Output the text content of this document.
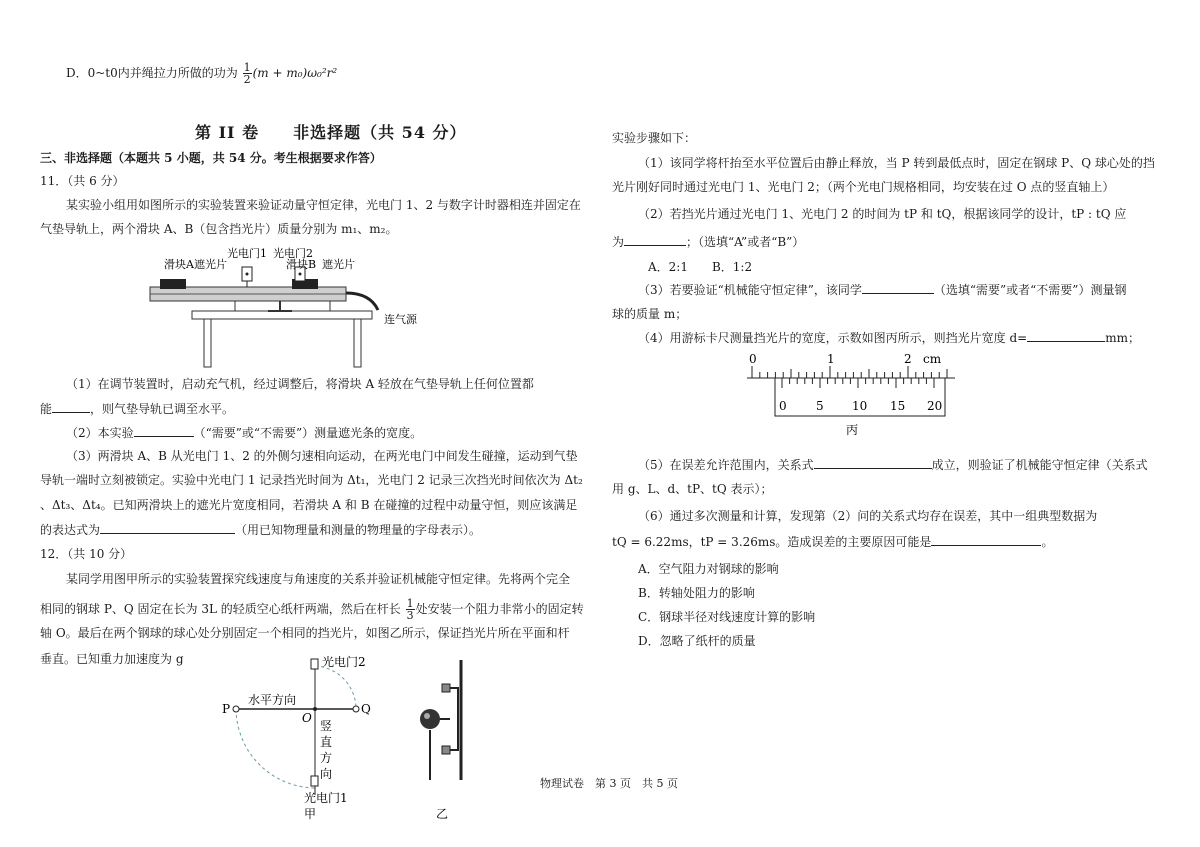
D．0~t0内并绳拉力所做的功为 $\frac{1}{2} (m + m_0)\omega_0^2r^2$
第 II 卷　　非选择题（共 54 分）
三、非选择题（本题共 5 小题，共 54 分。考生根据要求作答）
11．（共 6 分）
某实验小组用如图所示的实验装置来验证动量守恒定律，光电门 1、2 与数字计时器相连并固定在
气垫导轨上，两个滑块 A、B（包含挡光片）质量分别为 m₁、m₂。
滑块A遮光片
光电门1 光电门2
滑块B 遮光片
连气源
（1）在调节装置时，启动充气机，经过调整后，将滑块 A 轻放在气垫导轨上任何位置都
能	，则气垫导轨已调至水平。
（2）本实验	（“需要”或“不需要”）测量遮光条的宽度。
（3）两滑块 A、B 从光电门 1、2 的外侧匀速相向运动，在两光电门中间发生碰撞，运动到气垫
导轨一端时立刻被锁定。实验中光电门 1 记录挡光时间为 Δt₁，光电门 2 记录三次挡光时间依次为 Δt₂
、Δt₃、Δt₄。已知两滑块上的遮光片宽度相同，若滑块 A 和 B 在碰撞的过程中动量守恒，则应该满足
的表达式为	（用已知物理量和测量的物理量的字母表示）。
12．（共 10 分）
某同学用图甲所示的实验装置探究线速度与角速度的关系并验证机械能守恒定律。先将两个完全
相同的钢球 P、Q 固定在长为 3L 的轻质空心纸杆两端，然后在杆长 $\frac{1}{3}$ 处安装一个阻力非常小的固定转
轴 O。最后在两个钢球的球心处分别固定一个相同的挡光片，如图乙所示，保证挡光片所在平面和杆
垂直。已知重力加速度为 g	光电门2
水平方向
P
O
Q
竖
直
方
向
光电门1
甲	乙
实验步骤如下：
（1）该同学将杆抬至水平位置后由静止释放，当 P 转到最低点时，固定在钢球 P、Q 球心处的挡
光片刚好同时通过光电门 1、光电门 2；（两个光电门规格相同，均安装在过 O 点的竖直轴上）
（2）若挡光片通过光电门 1、光电门 2 的时间为 tP 和 tQ，根据该同学的设计，tP : tQ 应
为	；（选填“A”或者“B”）
A．2:1　　B．1:2
（3）若要验证“机械能守恒定律”，该同学	（选填“需要”或者“不需要”）测量钢
球的质量 m；
（4）用游标卡尺测量挡光片的宽度，示数如图丙所示，则挡光片宽度 d=	mm；
0	1	2 cm
0 5 10 15 20
丙
（5）在误差允许范围内，关系式	成立，则验证了机械能守恒定律（关系式
用 g、L、d、tP、tQ 表示）；
（6）通过多次测量和计算，发现第（2）问的关系式均存在误差，其中一组典型数据为
tQ = 6.22ms，tP = 3.26ms。造成误差的主要原因可能是	。
A．空气阻力对钢球的影响
B．转轴处阻力的影响
C．钢球半径对线速度计算的影响
D．忽略了纸杆的质量
物理试卷　第 3 页　共 5 页
